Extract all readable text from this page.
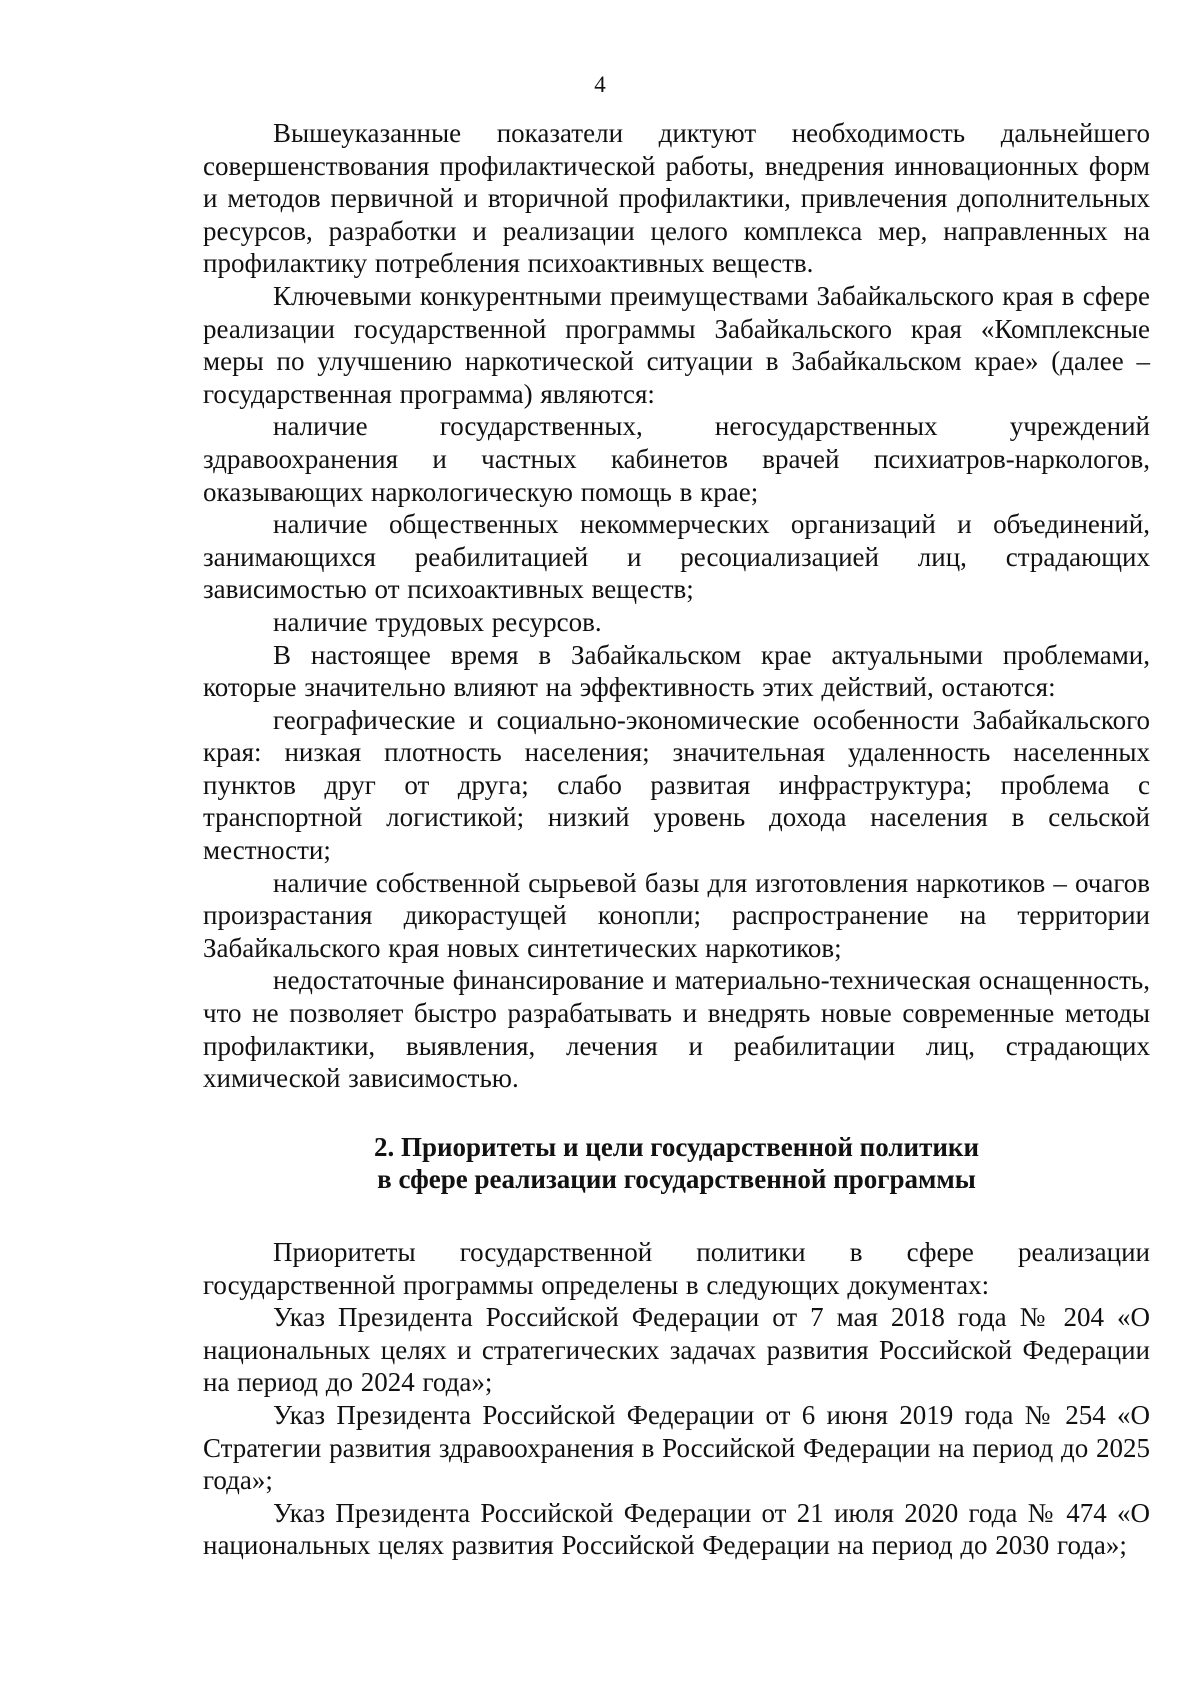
4

Вышеуказанные показатели диктуют необходимость дальнейшего совершенствования профилактической работы, внедрения инновационных форм и методов первичной и вторичной профилактики, привлечения дополнительных ресурсов, разработки и реализации целого комплекса мер, направленных на профилактику потребления психоактивных веществ.

Ключевыми конкурентными преимуществами Забайкальского края в сфере реализации государственной программы Забайкальского края «Комплексные меры по улучшению наркотической ситуации в Забайкальском крае» (далее – государственная программа) являются:

наличие государственных, негосударственных учреждений здравоохранения и частных кабинетов врачей психиатров-наркологов, оказывающих наркологическую помощь в крае;

наличие общественных некоммерческих организаций и объединений, занимающихся реабилитацией и ресоциализацией лиц, страдающих зависимостью от психоактивных веществ;

наличие трудовых ресурсов.

В настоящее время в Забайкальском крае актуальными проблемами, которые значительно влияют на эффективность этих действий, остаются:

географические и социально-экономические особенности Забайкальского края: низкая плотность населения; значительная удаленность населенных пунктов друг от друга; слабо развитая инфраструктура; проблема с транспортной логистикой; низкий уровень дохода населения в сельской местности;

наличие собственной сырьевой базы для изготовления наркотиков – очагов произрастания дикорастущей конопли; распространение на территории Забайкальского края новых синтетических наркотиков;

недостаточные финансирование и материально-техническая оснащенность, что не позволяет быстро разрабатывать и внедрять новые современные методы профилактики, выявления, лечения и реабилитации лиц, страдающих химической зависимостью.

2. Приоритеты и цели государственной политики
в сфере реализации государственной программы

Приоритеты государственной политики в сфере реализации государственной программы определены в следующих документах:

Указ Президента Российской Федерации от 7 мая 2018 года № 204 «О национальных целях и стратегических задачах развития Российской Федерации на период до 2024 года»;

Указ Президента Российской Федерации от 6 июня 2019 года № 254 «О Стратегии развития здравоохранения в Российской Федерации на период до 2025 года»;

Указ Президента Российской Федерации от 21 июля 2020 года № 474 «О национальных целях развития Российской Федерации на период до 2030 года»;
